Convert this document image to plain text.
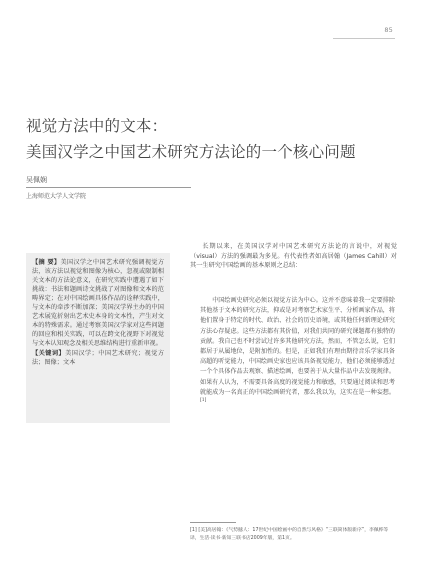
85
视觉方法中的文本：
美国汉学之中国艺术研究方法论的一个核心问题
吴佩娴
上海师范大学人文学院

【摘 要】美国汉学之中国艺术研究强调视觉方法，该方法以视觉和图像为核心，忽视或限制相关文本的方法论意义，在研究实践中遭遇了如下挑战：书法和题画诗文挑战了对图像和文本的范畴界定；在对中国绘画具体作品的诠释实践中，与文本的牵涉不断加深；美国汉学界主办的中国艺术展览折射出艺术史本身的文本性，产生对文本的特殊需求。通过考察美国汉学家对这些问题的回应和相关实践，可以在跨文化视野下对视觉与文本认知观念及相关思维结构进行重新审视。

【关键词】美国汉学；中国艺术研究；视觉方法；图像；文本

长期以来，在美国汉学对中国艺术研究方法论的言说中，对视觉（visual）方法的强调最为多见。有代表性者如高居翰（James Cahill）对其一生研究中国绘画的基本原则之总结：

中国绘画史研究必须以视觉方法为中心。这并不意味着我一定要排除其他基于文本的研究方法，抑或是对考察艺术家生平、分析画家作品，将他们置身于特定的时代、政治、社会的历史语境，或其他任何新理论研究方法心存疑虑。这些方法都有其价值，对我们共同的研究课题都有独特的贡献。我自己也不时尝试过许多其他研究方法，然而，不管怎么说，它们都居于从属地位，是附加性的。但是，正如我们有理由期待音乐学家具备高超的听觉能力，中国绘画史家也应该具备视觉能力，他们必须能够透过一个个具体作品去观察、描述绘画，也要善于从大量作品中去发现规律。如果有人认为，不需要具备高度的视觉能力和敏感，只要通过阅读和思考就能成为一名真正的中国绘画研究者，那么我以为，这实在是一种妄想。[1]

[1] [美]高居翰：《气势撼人：17世纪中国绘画中的自然与风格》“三联简体版新序”，李佩桦等译，生活·读书·新知三联书店2009年版，第1页。
